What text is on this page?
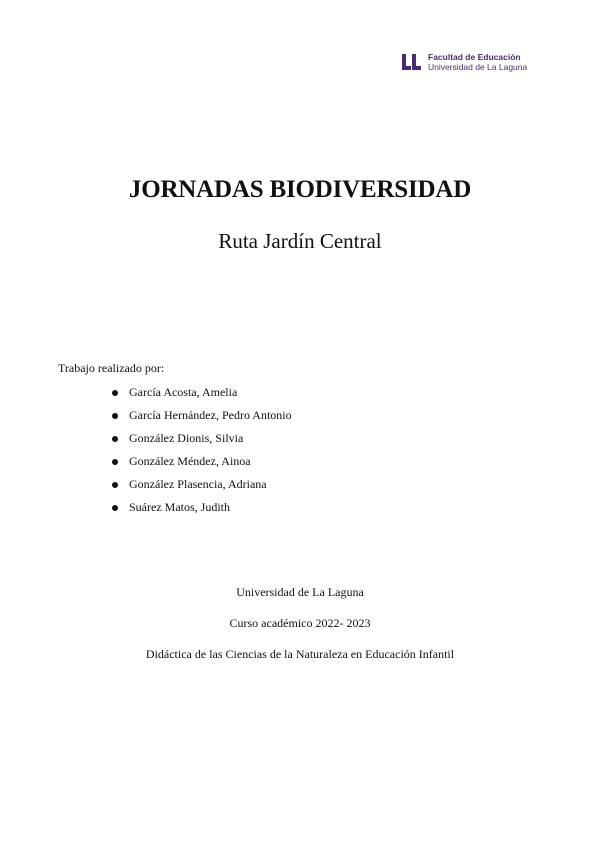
Facultad de Educación
Universidad de La Laguna
JORNADAS BIODIVERSIDAD
Ruta Jardín Central
Trabajo realizado por:
García Acosta, Amelia
García Hernández, Pedro Antonio
González Dionis, Silvia
González Méndez, Ainoa
González Plasencia, Adriana
Suárez Matos, Judith
Universidad de La Laguna
Curso académico 2022- 2023
Didáctica de las Ciencias de la Naturaleza en Educación Infantil
